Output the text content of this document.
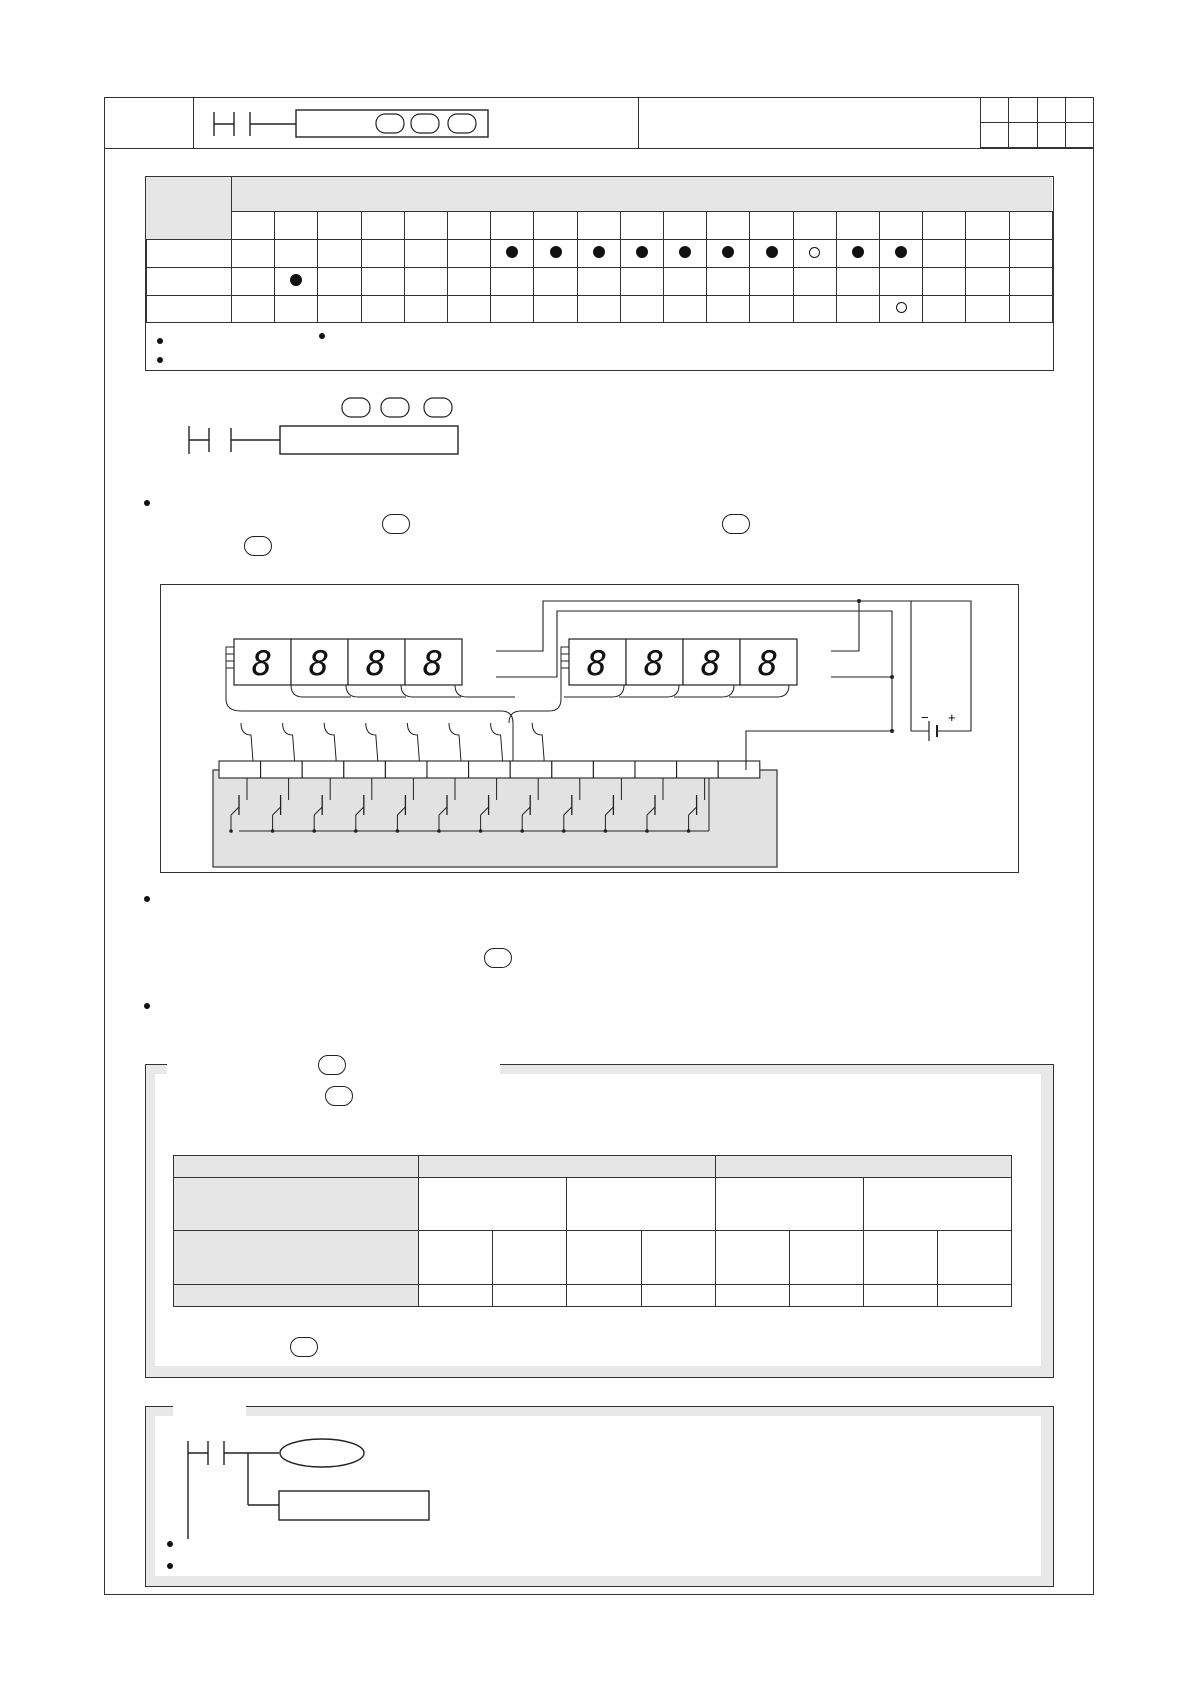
8 8 8 8	8 8 8 8
− +
